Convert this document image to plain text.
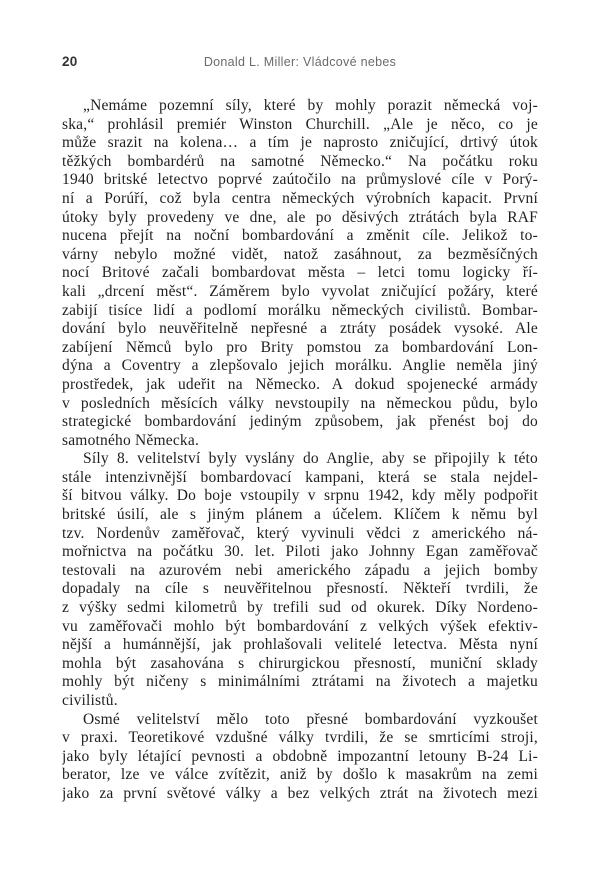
20	Donald L. Miller: Vládcové nebes
„Nemáme pozemní síly, které by mohly porazit německá voj-
ska,“ prohlásil premiér Winston Churchill. „Ale je něco, co je
může srazit na kolena… a tím je naprosto zničující, drtivý útok
těžkých bombardérů na samotné Německo.“ Na počátku roku
1940 britské letectvo poprvé zaútočilo na průmyslové cíle v Porý-
ní a Porúří, což byla centra německých výrobních kapacit. První
útoky byly provedeny ve dne, ale po děsivých ztrátách byla RAF
nucena přejít na noční bombardování a změnit cíle. Jelikož to-
várny nebylo možné vidět, natož zasáhnout, za bezměsíčných
nocí Britové začali bombardovat města – letci tomu logicky ří-
kali „drcení měst“. Záměrem bylo vyvolat zničující požáry, které
zabijí tisíce lidí a podlomí morálku německých civilistů. Bombar-
dování bylo neuvěřitelně nepřesné a ztráty posádek vysoké. Ale
zabíjení Němců bylo pro Brity pomstou za bombardování Lon-
dýna a Coventry a zlepšovalo jejich morálku. Anglie neměla jiný
prostředek, jak udeřit na Německo. A dokud spojenecké armády
v posledních měsících války nevstoupily na německou půdu, bylo
strategické bombardování jediným způsobem, jak přenést boj do
samotného Německa.
Síly 8. velitelství byly vyslány do Anglie, aby se připojily k této
stále intenzivnější bombardovací kampani, která se stala nejdel-
ší bitvou války. Do boje vstoupily v srpnu 1942, kdy měly podpořit
britské úsilí, ale s jiným plánem a účelem. Klíčem k němu byl
tzv. Nordenův zaměřovač, který vyvinuli vědci z amerického ná-
mořnictva na počátku 30. let. Piloti jako Johnny Egan zaměřovač
testovali na azurovém nebi amerického západu a jejich bomby
dopadaly na cíle s neuvěřitelnou přesností. Někteří tvrdili, že
z výšky sedmi kilometrů by trefili sud od okurek. Díky Nordeno-
vu zaměřovači mohlo být bombardování z velkých výšek efektiv-
nější a humánnější, jak prohlašovali velitelé letectva. Města nyní
mohla být zasahována s chirurgickou přesností, muniční sklady
mohly být ničeny s minimálními ztrátami na životech a majetku
civilistů.
Osmé velitelství mělo toto přesné bombardování vyzkoušet
v praxi. Teoretikové vzdušné války tvrdili, že se smrticími stroji,
jako byly létající pevnosti a obdobně impozantní letouny B-24 Li-
berator, lze ve válce zvítězit, aniž by došlo k masakrům na zemi
jako za první světové války a bez velkých ztrát na životech mezi
